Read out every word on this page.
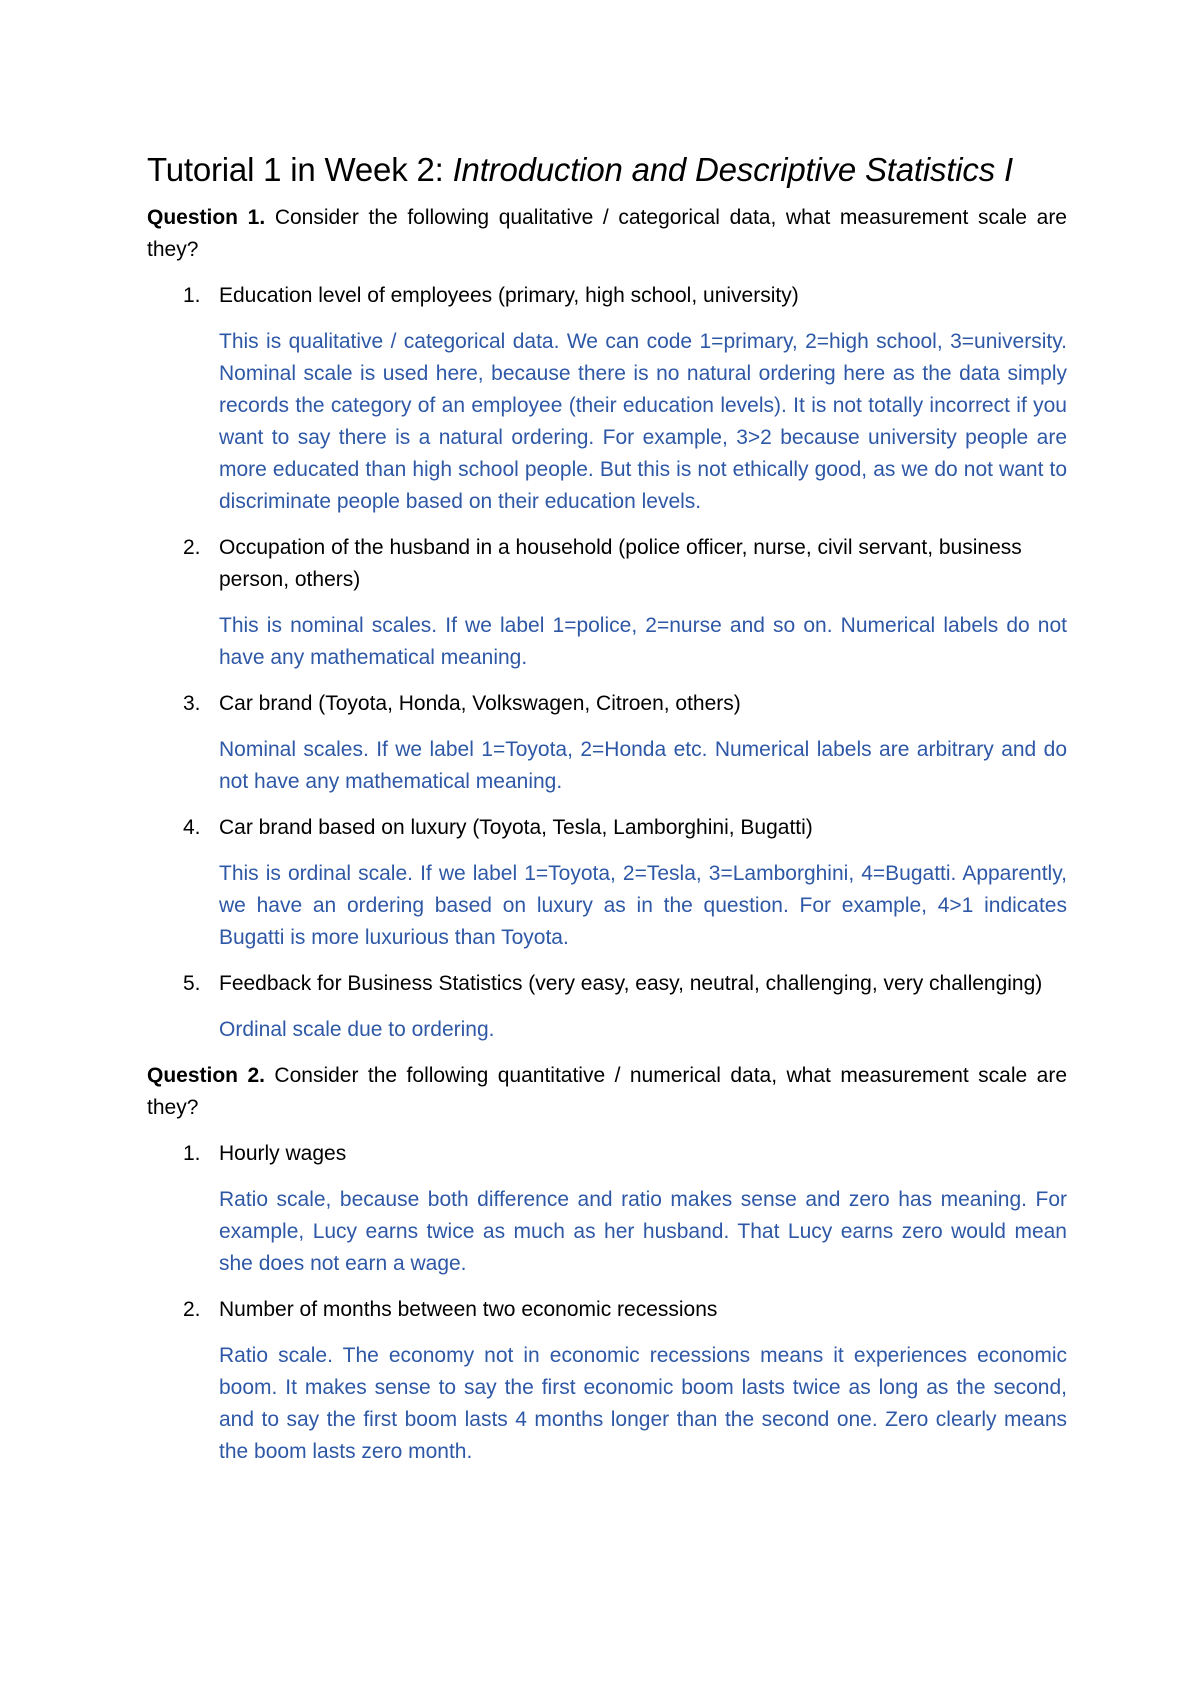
Tutorial 1 in Week 2: Introduction and Descriptive Statistics I

Question 1. Consider the following qualitative / categorical data, what measurement scale are they?

1. Education level of employees (primary, high school, university)

This is qualitative / categorical data. We can code 1=primary, 2=high school, 3=university. Nominal scale is used here, because there is no natural ordering here as the data simply records the category of an employee (their education levels). It is not totally incorrect if you want to say there is a natural ordering. For example, 3>2 because university people are more educated than high school people. But this is not ethically good, as we do not want to discriminate people based on their education levels.

2. Occupation of the husband in a household (police officer, nurse, civil servant, business person, others)

This is nominal scales. If we label 1=police, 2=nurse and so on. Numerical labels do not have any mathematical meaning.

3. Car brand (Toyota, Honda, Volkswagen, Citroen, others)

Nominal scales. If we label 1=Toyota, 2=Honda etc. Numerical labels are arbitrary and do not have any mathematical meaning.

4. Car brand based on luxury (Toyota, Tesla, Lamborghini, Bugatti)

This is ordinal scale. If we label 1=Toyota, 2=Tesla, 3=Lamborghini, 4=Bugatti. Apparently, we have an ordering based on luxury as in the question. For example, 4>1 indicates Bugatti is more luxurious than Toyota.

5. Feedback for Business Statistics (very easy, easy, neutral, challenging, very challenging)

Ordinal scale due to ordering.

Question 2. Consider the following quantitative / numerical data, what measurement scale are they?

1. Hourly wages

Ratio scale, because both difference and ratio makes sense and zero has meaning. For example, Lucy earns twice as much as her husband. That Lucy earns zero would mean she does not earn a wage.

2. Number of months between two economic recessions

Ratio scale. The economy not in economic recessions means it experiences economic boom. It makes sense to say the first economic boom lasts twice as long as the second, and to say the first boom lasts 4 months longer than the second one. Zero clearly means the boom lasts zero month.
